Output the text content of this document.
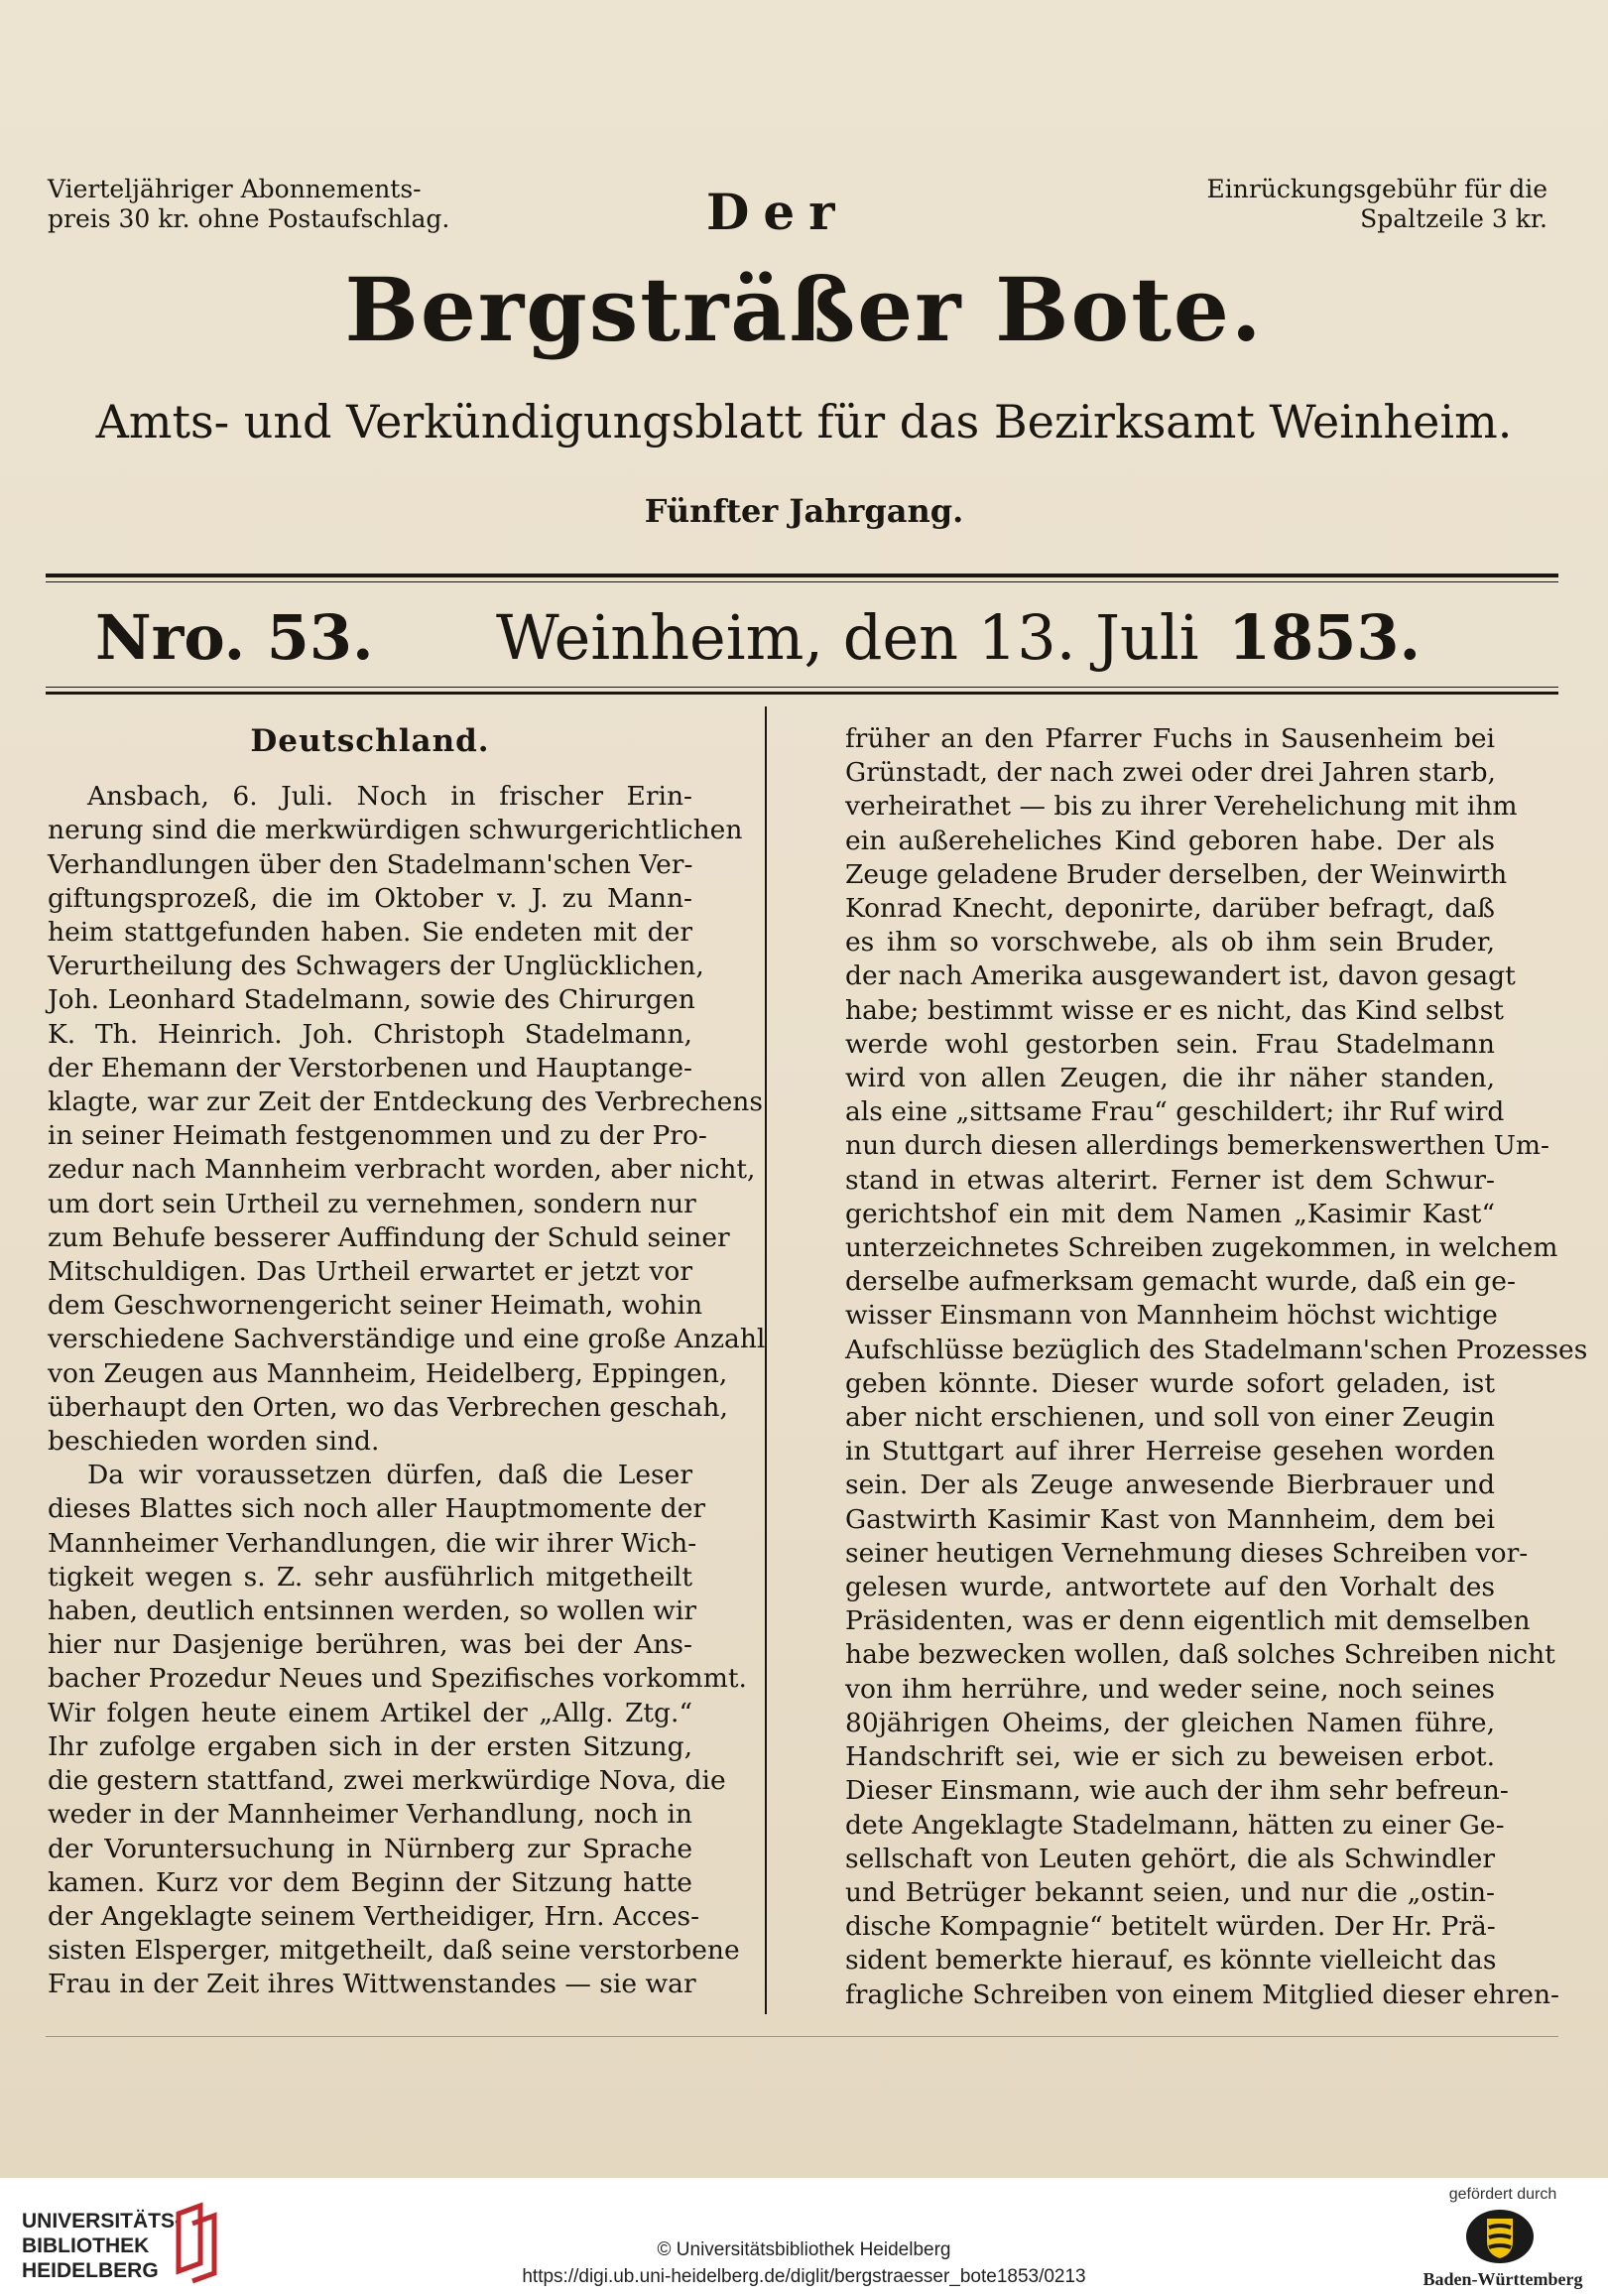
Vierteljähriger Abonnements-
preis 30 kr. ohne Postaufschlag.	Der	Einrückungsgebühr für die
Spaltzeile 3 kr.
Bergsträßer Bote.
Amts- und Verkündigungsblatt für das Bezirksamt Weinheim.
Fünfter Jahrgang.
Nro. 53. Weinheim, den 13. Juli 1853.
Deutschland.
Ansbach, 6. Juli. Noch in frischer Erin-
nerung sind die merkwürdigen schwurgerichtlichen
Verhandlungen über den Stadelmann'schen Ver-
giftungsprozeß, die im Oktober v. J. zu Mann-
heim stattgefunden haben. Sie endeten mit der
Verurtheilung des Schwagers der Unglücklichen,
Joh. Leonhard Stadelmann, sowie des Chirurgen
K. Th. Heinrich. Joh. Christoph Stadelmann,
der Ehemann der Verstorbenen und Hauptange-
klagte, war zur Zeit der Entdeckung des Verbrechens
in seiner Heimath festgenommen und zu der Pro-
zedur nach Mannheim verbracht worden, aber nicht,
um dort sein Urtheil zu vernehmen, sondern nur
zum Behufe besserer Auffindung der Schuld seiner
Mitschuldigen. Das Urtheil erwartet er jetzt vor
dem Geschwornengericht seiner Heimath, wohin
verschiedene Sachverständige und eine große Anzahl
von Zeugen aus Mannheim, Heidelberg, Eppingen,
überhaupt den Orten, wo das Verbrechen geschah,
beschieden worden sind.
Da wir voraussetzen dürfen, daß die Leser
dieses Blattes sich noch aller Hauptmomente der
Mannheimer Verhandlungen, die wir ihrer Wich-
tigkeit wegen s. Z. sehr ausführlich mitgetheilt
haben, deutlich entsinnen werden, so wollen wir
hier nur Dasjenige berühren, was bei der Ans-
bacher Prozedur Neues und Spezifisches vorkommt.
Wir folgen heute einem Artikel der „Allg. Ztg.“
Ihr zufolge ergaben sich in der ersten Sitzung,
die gestern stattfand, zwei merkwürdige Nova, die
weder in der Mannheimer Verhandlung, noch in
der Voruntersuchung in Nürnberg zur Sprache
kamen. Kurz vor dem Beginn der Sitzung hatte
der Angeklagte seinem Vertheidiger, Hrn. Acces-
sisten Elsperger, mitgetheilt, daß seine verstorbene
Frau in der Zeit ihres Wittwenstandes — sie war
früher an den Pfarrer Fuchs in Sausenheim bei
Grünstadt, der nach zwei oder drei Jahren starb,
verheirathet — bis zu ihrer Verehelichung mit ihm
ein außereheliches Kind geboren habe. Der als
Zeuge geladene Bruder derselben, der Weinwirth
Konrad Knecht, deponirte, darüber befragt, daß
es ihm so vorschwebe, als ob ihm sein Bruder,
der nach Amerika ausgewandert ist, davon gesagt
habe; bestimmt wisse er es nicht, das Kind selbst
werde wohl gestorben sein. Frau Stadelmann
wird von allen Zeugen, die ihr näher standen,
als eine „sittsame Frau“ geschildert; ihr Ruf wird
nun durch diesen allerdings bemerkenswerthen Um-
stand in etwas alterirt. Ferner ist dem Schwur-
gerichtshof ein mit dem Namen „Kasimir Kast“
unterzeichnetes Schreiben zugekommen, in welchem
derselbe aufmerksam gemacht wurde, daß ein ge-
wisser Einsmann von Mannheim höchst wichtige
Aufschlüsse bezüglich des Stadelmann'schen Prozesses
geben könnte. Dieser wurde sofort geladen, ist
aber nicht erschienen, und soll von einer Zeugin
in Stuttgart auf ihrer Herreise gesehen worden
sein. Der als Zeuge anwesende Bierbrauer und
Gastwirth Kasimir Kast von Mannheim, dem bei
seiner heutigen Vernehmung dieses Schreiben vor-
gelesen wurde, antwortete auf den Vorhalt des
Präsidenten, was er denn eigentlich mit demselben
habe bezwecken wollen, daß solches Schreiben nicht
von ihm herrühre, und weder seine, noch seines
80jährigen Oheims, der gleichen Namen führe,
Handschrift sei, wie er sich zu beweisen erbot.
Dieser Einsmann, wie auch der ihm sehr befreun-
dete Angeklagte Stadelmann, hätten zu einer Ge-
sellschaft von Leuten gehört, die als Schwindler
und Betrüger bekannt seien, und nur die „ostin-
dische Kompagnie“ betitelt würden. Der Hr. Prä-
sident bemerkte hierauf, es könnte vielleicht das
fragliche Schreiben von einem Mitglied dieser ehren-
UNIVERSITÄTS-
BIBLIOTHEK
HEIDELBERG
© Universitätsbibliothek Heidelberg
https://digi.ub.uni-heidelberg.de/diglit/bergstraesser_bote1853/0213
gefördert durch
Baden-Württemberg
